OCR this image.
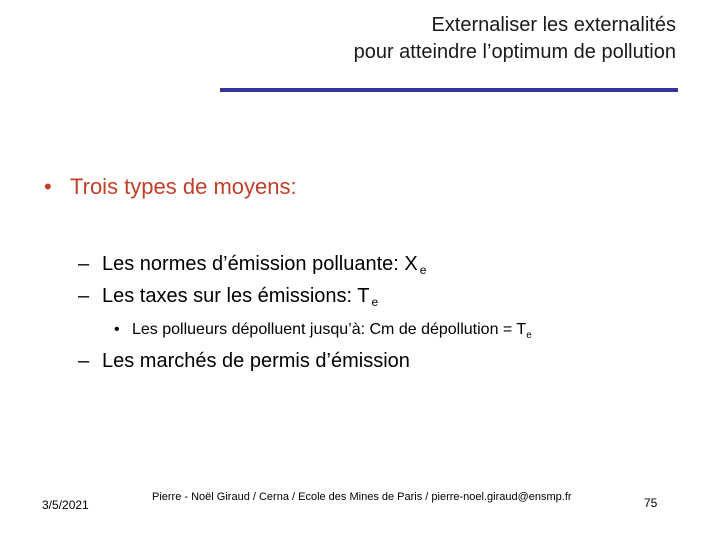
Externaliser les externalités
pour atteindre l’optimum de pollution
• Trois types de moyens:
– Les normes d’émission polluante: X $_e$
– Les taxes sur les émissions: T $_e$
• Les pollueurs dépolluent jusqu’à: Cm de dépollution = $T_e$
– Les marchés de permis d’émission
3/5/2021
Pierre - Noël Giraud / Cerna / Ecole des Mines de Paris / pierre-noel.giraud@ensmp.fr	75
